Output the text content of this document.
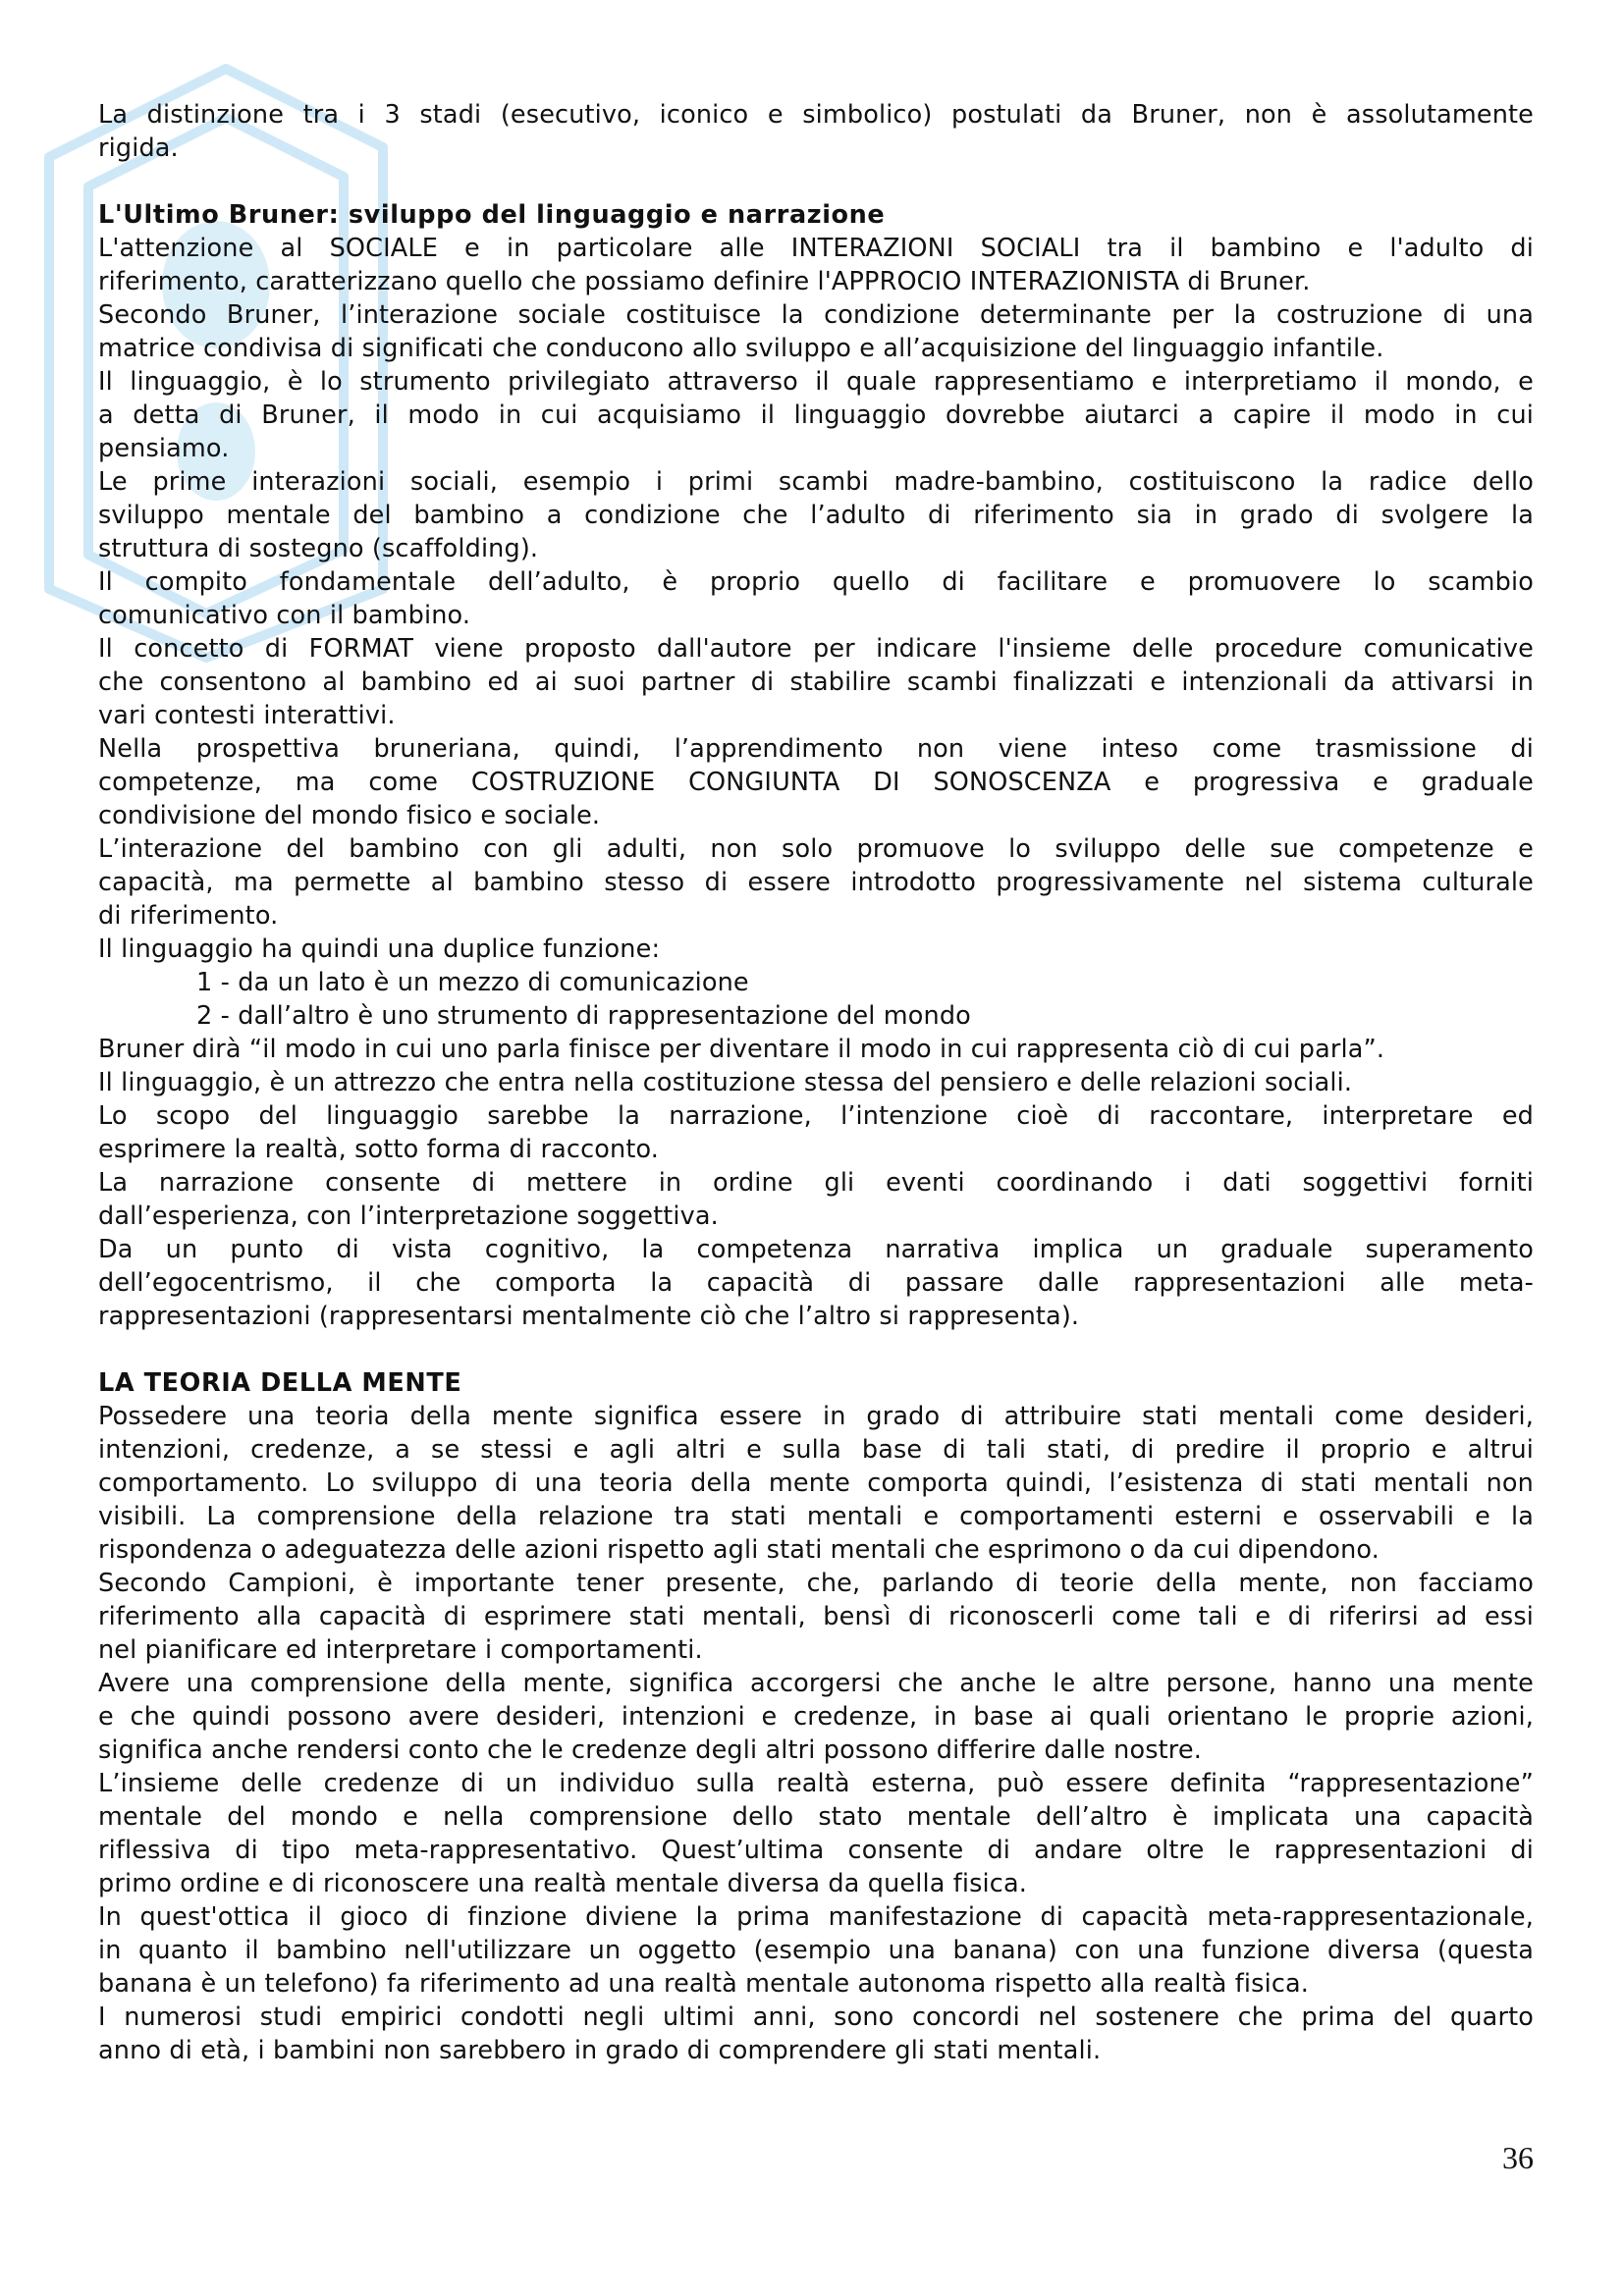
La distinzione tra i 3 stadi (esecutivo, iconico e simbolico) postulati da Bruner, non è assolutamente
rigida.
L'Ultimo Bruner: sviluppo del linguaggio e narrazione
L'attenzione al SOCIALE e in particolare alle INTERAZIONI SOCIALI tra il bambino e l'adulto di
riferimento, caratterizzano quello che possiamo definire l'APPROCIO INTERAZIONISTA di Bruner.
Secondo Bruner, l’interazione sociale costituisce la condizione determinante per la costruzione di una
matrice condivisa di significati che conducono allo sviluppo e all’acquisizione del linguaggio infantile.
Il linguaggio, è lo strumento privilegiato attraverso il quale rappresentiamo e interpretiamo il mondo, e
a detta di Bruner, il modo in cui acquisiamo il linguaggio dovrebbe aiutarci a capire il modo in cui
pensiamo.
Le prime interazioni sociali, esempio i primi scambi madre-bambino, costituiscono la radice dello
sviluppo mentale del bambino a condizione che l’adulto di riferimento sia in grado di svolgere la
struttura di sostegno (scaffolding).
Il compito fondamentale dell’adulto, è proprio quello di facilitare e promuovere lo scambio
comunicativo con il bambino.
Il concetto di FORMAT viene proposto dall'autore per indicare l'insieme delle procedure comunicative
che consentono al bambino ed ai suoi partner di stabilire scambi finalizzati e intenzionali da attivarsi in
vari contesti interattivi.
Nella prospettiva bruneriana, quindi, l’apprendimento non viene inteso come trasmissione di
competenze, ma come COSTRUZIONE CONGIUNTA DI SONOSCENZA e progressiva e graduale
condivisione del mondo fisico e sociale.
L’interazione del bambino con gli adulti, non solo promuove lo sviluppo delle sue competenze e
capacità, ma permette al bambino stesso di essere introdotto progressivamente nel sistema culturale
di riferimento.
Il linguaggio ha quindi una duplice funzione:
1 - da un lato è un mezzo di comunicazione
2 - dall’altro è uno strumento di rappresentazione del mondo
Bruner dirà “il modo in cui uno parla finisce per diventare il modo in cui rappresenta ciò di cui parla”.
Il linguaggio, è un attrezzo che entra nella costituzione stessa del pensiero e delle relazioni sociali.
Lo scopo del linguaggio sarebbe la narrazione, l’intenzione cioè di raccontare, interpretare ed
esprimere la realtà, sotto forma di racconto.
La narrazione consente di mettere in ordine gli eventi coordinando i dati soggettivi forniti
dall’esperienza, con l’interpretazione soggettiva.
Da un punto di vista cognitivo, la competenza narrativa implica un graduale superamento
dell’egocentrismo, il che comporta la capacità di passare dalle rappresentazioni alle meta-
rappresentazioni (rappresentarsi mentalmente ciò che l’altro si rappresenta).
LA TEORIA DELLA MENTE
Possedere una teoria della mente significa essere in grado di attribuire stati mentali come desideri,
intenzioni, credenze, a se stessi e agli altri e sulla base di tali stati, di predire il proprio e altrui
comportamento. Lo sviluppo di una teoria della mente comporta quindi, l’esistenza di stati mentali non
visibili. La comprensione della relazione tra stati mentali e comportamenti esterni e osservabili e la
rispondenza o adeguatezza delle azioni rispetto agli stati mentali che esprimono o da cui dipendono.
Secondo Campioni, è importante tener presente, che, parlando di teorie della mente, non facciamo
riferimento alla capacità di esprimere stati mentali, bensì di riconoscerli come tali e di riferirsi ad essi
nel pianificare ed interpretare i comportamenti.
Avere una comprensione della mente, significa accorgersi che anche le altre persone, hanno una mente
e che quindi possono avere desideri, intenzioni e credenze, in base ai quali orientano le proprie azioni,
significa anche rendersi conto che le credenze degli altri possono differire dalle nostre.
L’insieme delle credenze di un individuo sulla realtà esterna, può essere definita “rappresentazione”
mentale del mondo e nella comprensione dello stato mentale dell’altro è implicata una capacità
riflessiva di tipo meta-rappresentativo. Quest’ultima consente di andare oltre le rappresentazioni di
primo ordine e di riconoscere una realtà mentale diversa da quella fisica.
In quest'ottica il gioco di finzione diviene la prima manifestazione di capacità meta-rappresentazionale,
in quanto il bambino nell'utilizzare un oggetto (esempio una banana) con una funzione diversa (questa
banana è un telefono) fa riferimento ad una realtà mentale autonoma rispetto alla realtà fisica.
I numerosi studi empirici condotti negli ultimi anni, sono concordi nel sostenere che prima del quarto
anno di età, i bambini non sarebbero in grado di comprendere gli stati mentali.
36
